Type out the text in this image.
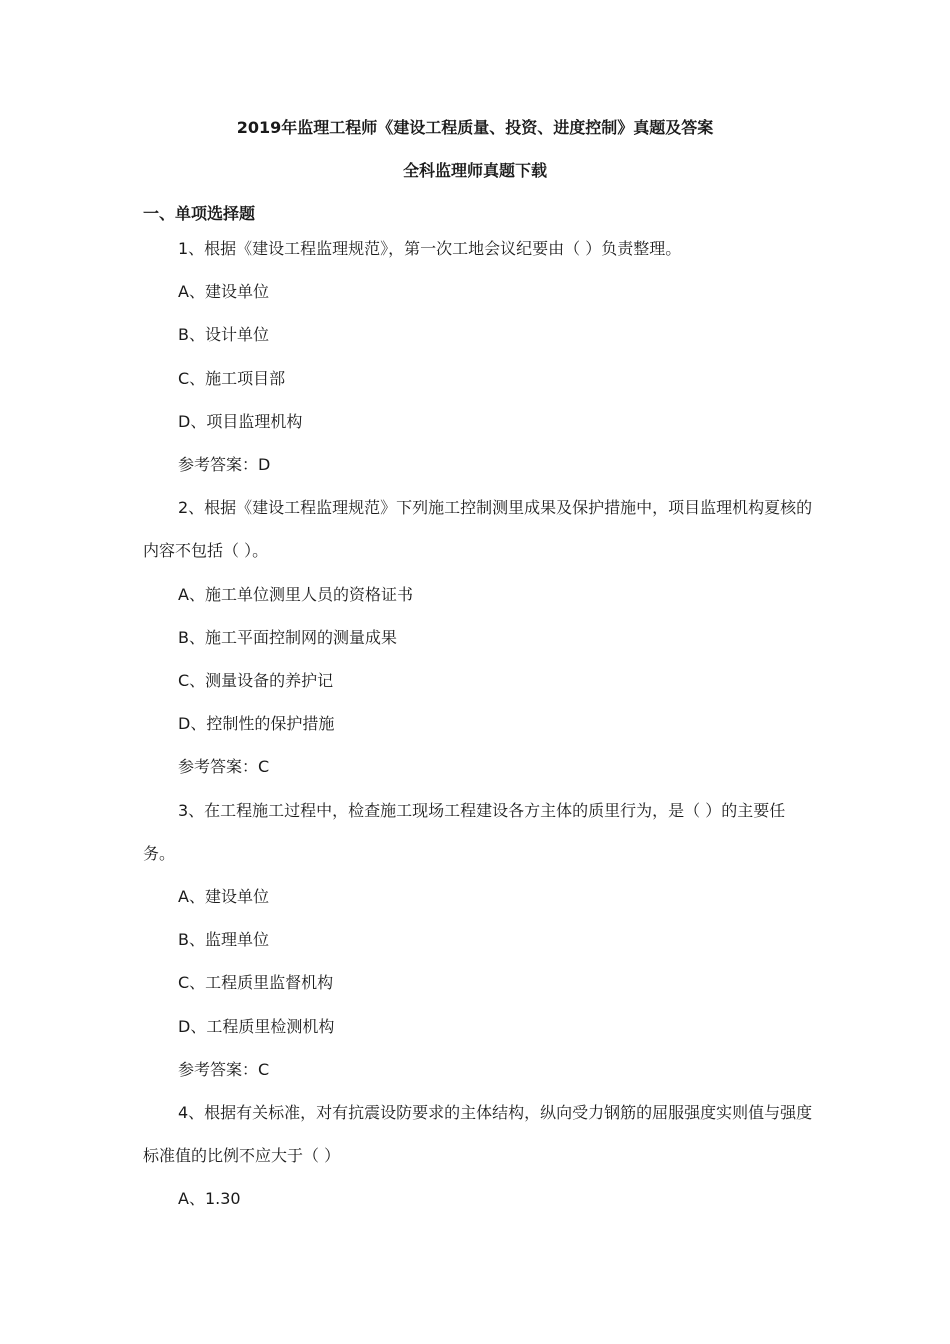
2019年监理工程师《建设工程质量、投资、进度控制》真题及答案
全科监理师真题下载
一、单项选择题

1、根据《建设工程监理规范》，第一次工地会议纪要由（ ）负责整理。

A、建设单位

B、设计单位

C、施工项目部

D、项目监理机构

参考答案：D

2、根据《建设工程监理规范》下列施工控制测里成果及保护措施中，项目监理机构夏核的内容不包括（ ）。

A、施工单位测里人员的资格证书

B、施工平面控制网的测量成果

C、测量设备的养护记

D、控制性的保护措施

参考答案：C

3、在工程施工过程中，检查施工现场工程建设各方主体的质里行为，是（ ）的主要任务。

A、建设单位

B、监理单位

C、工程质里监督机构

D、工程质里检测机构

参考答案：C

4、根据有关标准，对有抗震设防要求的主体结构，纵向受力钢筋的屈服强度实则值与强度标准值的比例不应大于（ ）

A、1.30
